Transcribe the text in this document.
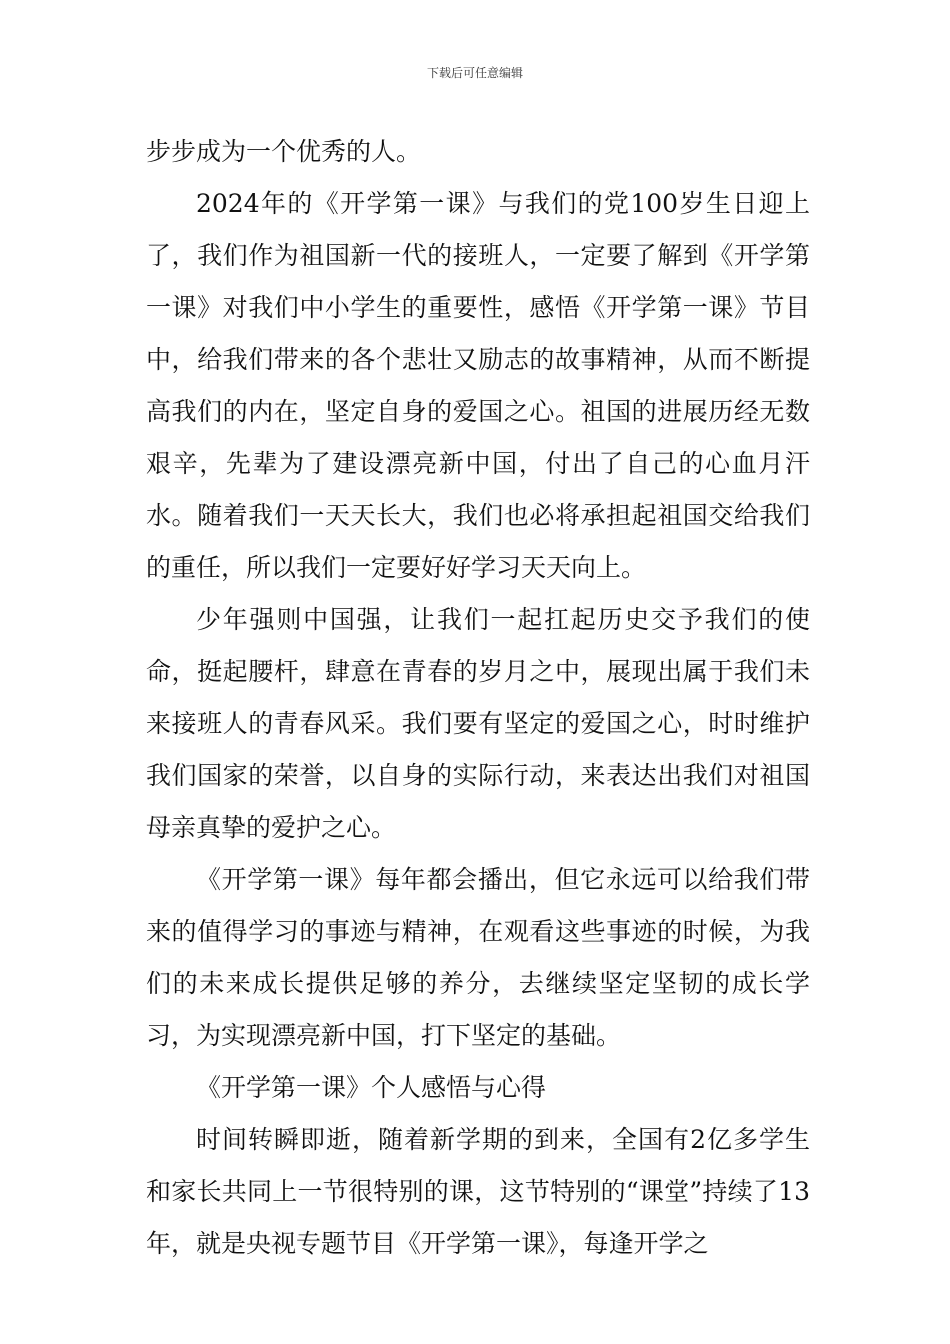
下载后可任意编辑

步步成为一个优秀的人。

2024年的《开学第一课》与我们的党100岁生日迎上了，我们作为祖国新一代的接班人，一定要了解到《开学第一课》对我们中小学生的重要性，感悟《开学第一课》节目中，给我们带来的各个悲壮又励志的故事精神，从而不断提高我们的内在，坚定自身的爱国之心。祖国的进展历经无数艰辛，先辈为了建设漂亮新中国，付出了自己的心血月汗水。随着我们一天天长大，我们也必将承担起祖国交给我们的重任，所以我们一定要好好学习天天向上。

少年强则中国强，让我们一起扛起历史交予我们的使命，挺起腰杆，肆意在青春的岁月之中，展现出属于我们未来接班人的青春风采。我们要有坚定的爱国之心，时时维护我们国家的荣誉，以自身的实际行动，来表达出我们对祖国母亲真挚的爱护之心。

《开学第一课》每年都会播出，但它永远可以给我们带来的值得学习的事迹与精神，在观看这些事迹的时候，为我们的未来成长提供足够的养分，去继续坚定坚韧的成长学习，为实现漂亮新中国，打下坚定的基础。

《开学第一课》个人感悟与心得

时间转瞬即逝，随着新学期的到来，全国有2亿多学生和家长共同上一节很特别的课，这节特别的“课堂”持续了13年，就是央视专题节目《开学第一课》，每逢开学之
